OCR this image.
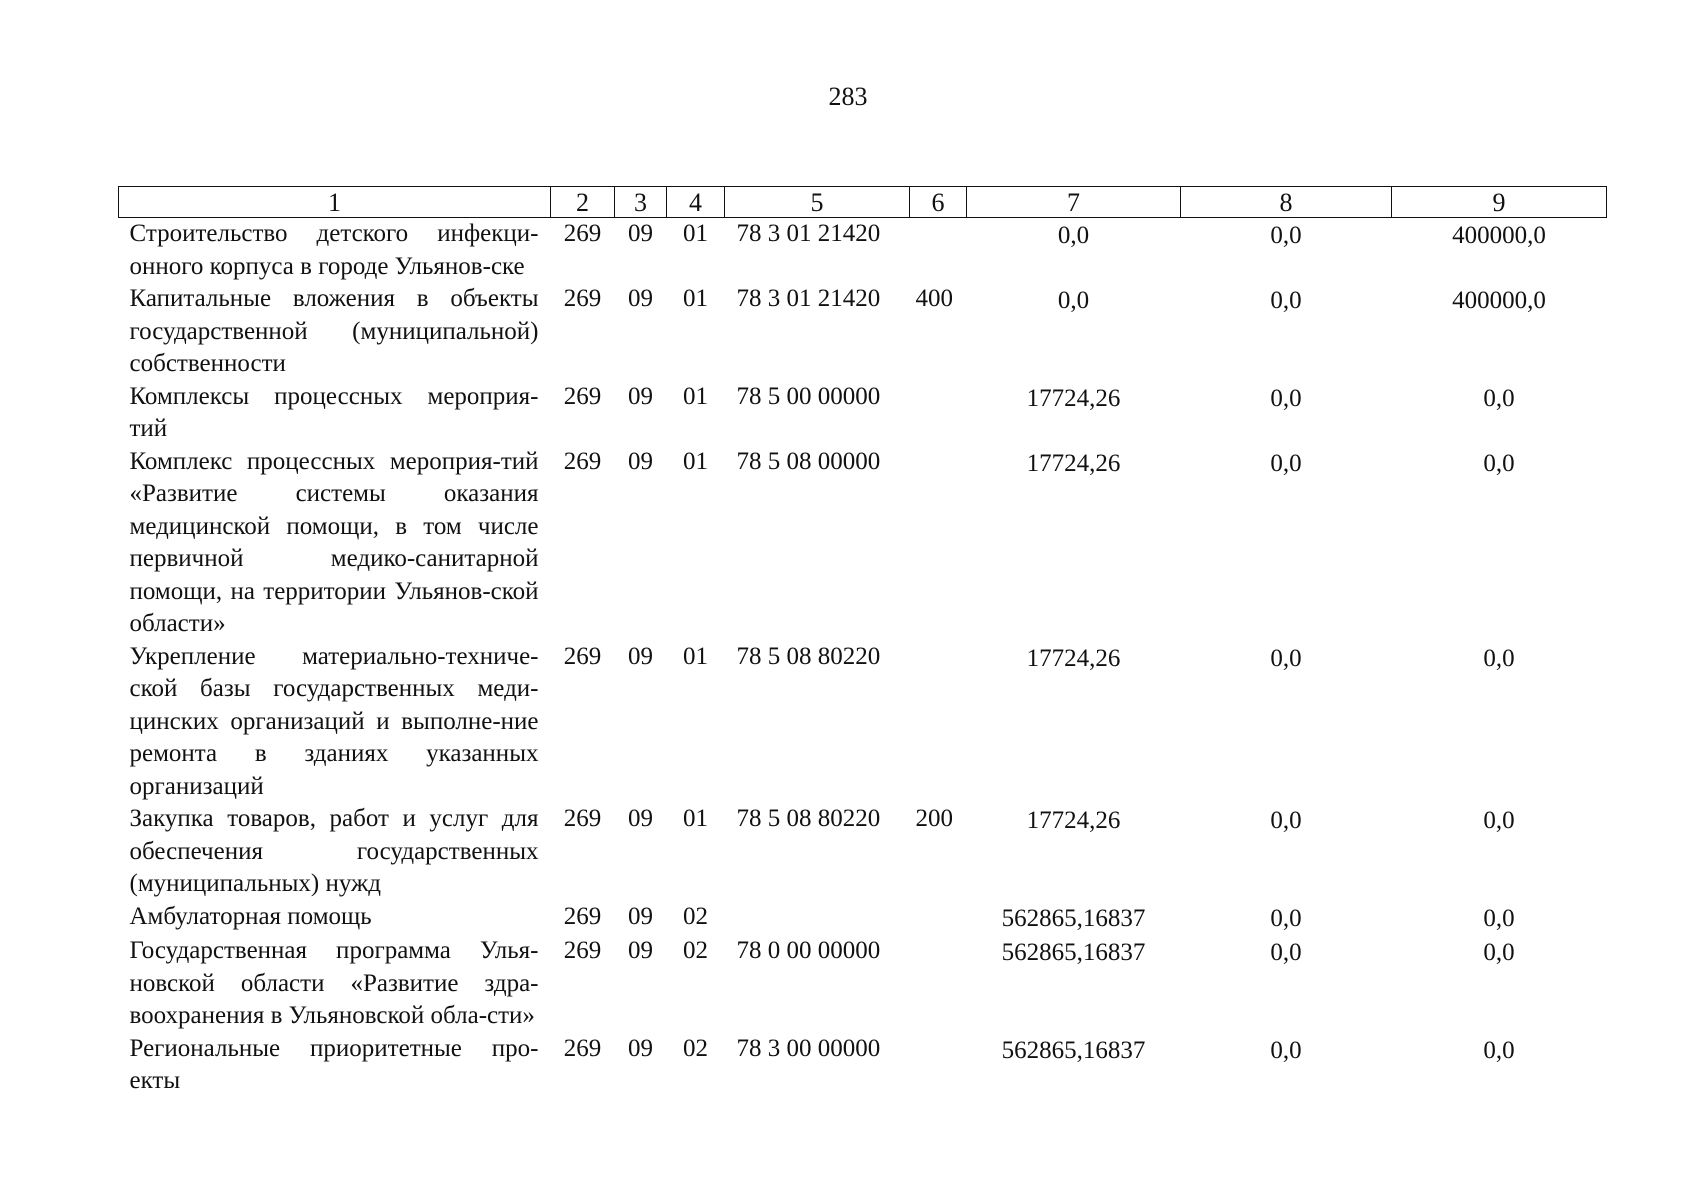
283
1	2	3	4	5	6	7	8	9
Строительство детского инфекци-онного корпуса в городе Ульянов-ске	269	09	01	78 3 01 21420		0,0	0,0	400000,0
Капитальные вложения в объекты государственной (муниципальной) собственности	269	09	01	78 3 01 21420	400	0,0	0,0	400000,0
Комплексы процессных мероприя-тий	269	09	01	78 5 00 00000		17724,26	0,0	0,0
Комплекс процессных мероприя-тий «Развитие системы оказания медицинской помощи, в том числе первичной медико-санитарной помощи, на территории Ульянов-ской области»	269	09	01	78 5 08 00000		17724,26	0,0	0,0
Укрепление материально-техниче-ской базы государственных меди-цинских организаций и выполне-ние ремонта в зданиях указанных организаций	269	09	01	78 5 08 80220		17724,26	0,0	0,0
Закупка товаров, работ и услуг для обеспечения государственных (муниципальных) нужд	269	09	01	78 5 08 80220	200	17724,26	0,0	0,0
Амбулаторная помощь	269	09	02			562865,16837	0,0	0,0
Государственная программа Улья-новской области «Развитие здра-воохранения в Ульяновской обла-сти»	269	09	02	78 0 00 00000		562865,16837	0,0	0,0
Региональные приоритетные про-екты	269	09	02	78 3 00 00000		562865,16837	0,0	0,0
